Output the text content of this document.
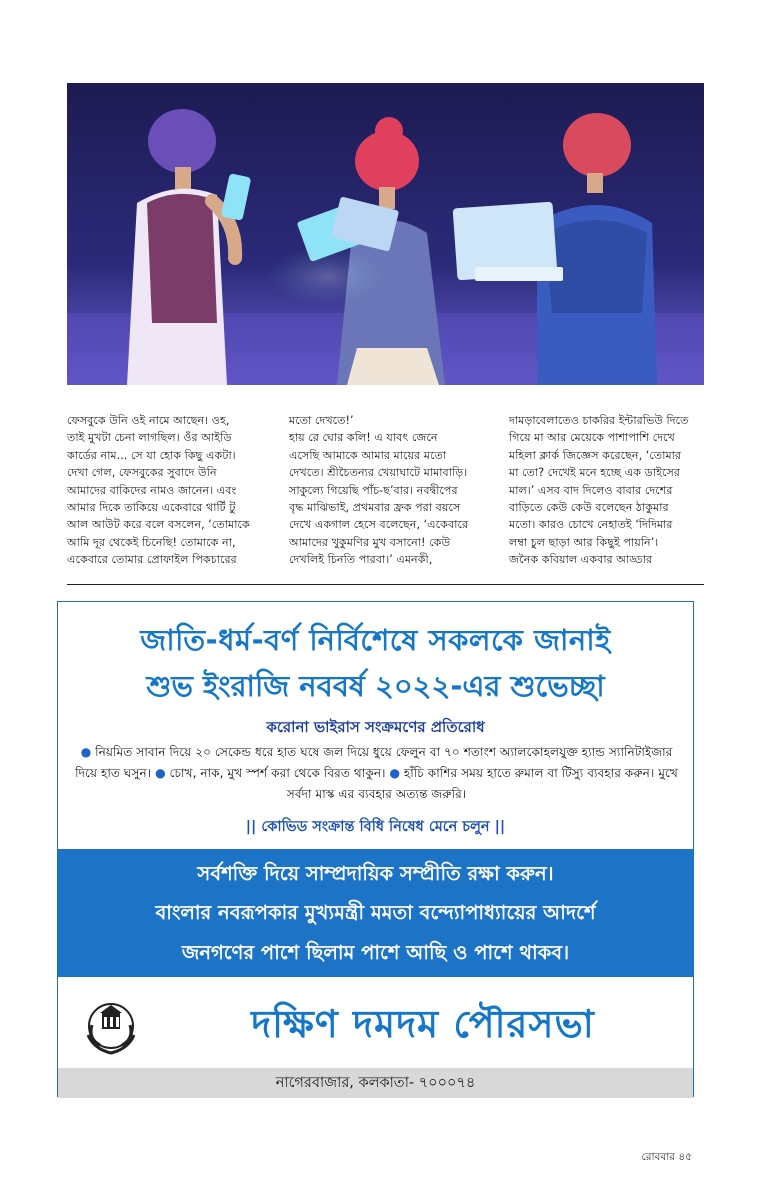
ফেসবুকে উনি ওই নামে আছেন। ওহ,
তাই মুখটা চেনা লাগছিল। ওঁর আইডি
কার্ডের নাম... সে যা হোক কিছু একটা।
দেখা গেল, ফেসবুকের সুবাদে উনি
আমাদের বাকিদের নামও জানেন। এবং
আমার দিকে তাকিয়ে একেবারে থার্টি টু
আল আউট করে বলে বসলেন, ‘তোমাকে
আমি দূর থেকেই চিনেছি! তোমাকে না,
একেবারে তোমার প্রোফাইল পিকচারের
মতো দেখতে!’
হায় রে ঘোর কলি! এ যাবৎ জেনে
এসেছি আমাকে আমার মায়ের মতো
দেখতে। শ্রীচৈতন্যর খেয়াঘাটে মামাবাড়ি।
সাকুল্যে গিয়েছি পাঁচ-ছ’বার। নবদ্বীপের
বৃদ্ধ মাঝিভাই, প্রথমবার ফ্রক পরা বয়সে
দেখে একগাল হেসে বলেছেন, ‘একেবারে
আমাদের খুকুমণির মুখ বসানো! কেউ
দেখলিই চিনতি পারবা।’ এমনকী,
দামড়াবেলাতেও চাকরির ইন্টারভিউ দিতে
গিয়ে মা আর মেয়েকে পাশাপাশি দেখে
মহিলা ক্লার্ক জিজ্ঞেস করেছেন, ‘তোমার
মা তো? দেখেই মনে হচ্ছে এক ডাইসের
মাল।’ এসব বাদ দিলেও বাবার দেশের
বাড়িতে কেউ কেউ বলেছেন ঠাকুমার
মতো। কারও চোখে নেহাতই ‘দিদিমার
লম্বা চুল ছাড়া আর কিছুই পায়নি’।
জনৈক কবিয়াল একবার আড্ডার
জাতি-ধর্ম-বর্ণ নির্বিশেষে সকলকে জানাই
শুভ ইংরাজি নববর্ষ ২০২২-এর শুভেচ্ছা
করোনা ভাইরাস সংক্রমণের প্রতিরোধ
● নিয়মিত সাবান দিয়ে ২০ সেকেন্ড ধরে হাত ঘষে জল দিয়ে ধুয়ে ফেলুন বা ৭০ শতাংশ অ্যালকোহলযুক্ত হ্যান্ড স্যানিটাইজার দিয়ে হাত ঘসুন। ● চোখ, নাক, মুখ স্পর্শ করা থেকে বিরত থাকুন। ● হাঁচি কাশির সময় হাতে রুমাল বা টিস্যু ব্যবহার করুন। মুখে সর্বদা মাস্ক এর ব্যবহার অত্যন্ত জরুরি।
|| কোভিড সংক্রান্ত বিধি নিষেধ মেনে চলুন ||
সর্বশক্তি দিয়ে সাম্প্রদায়িক সম্প্রীতি রক্ষা করুন।
বাংলার নবরূপকার মুখ্যমন্ত্রী মমতা বন্দ্যোপাধ্যায়ের আদর্শে
জনগণের পাশে ছিলাম পাশে আছি ও পাশে থাকব।
দক্ষিণ দমদম পৌরসভা
নাগেরবাজার, কলকাতা- ৭০০০৭৪
রোববার ৪৫
